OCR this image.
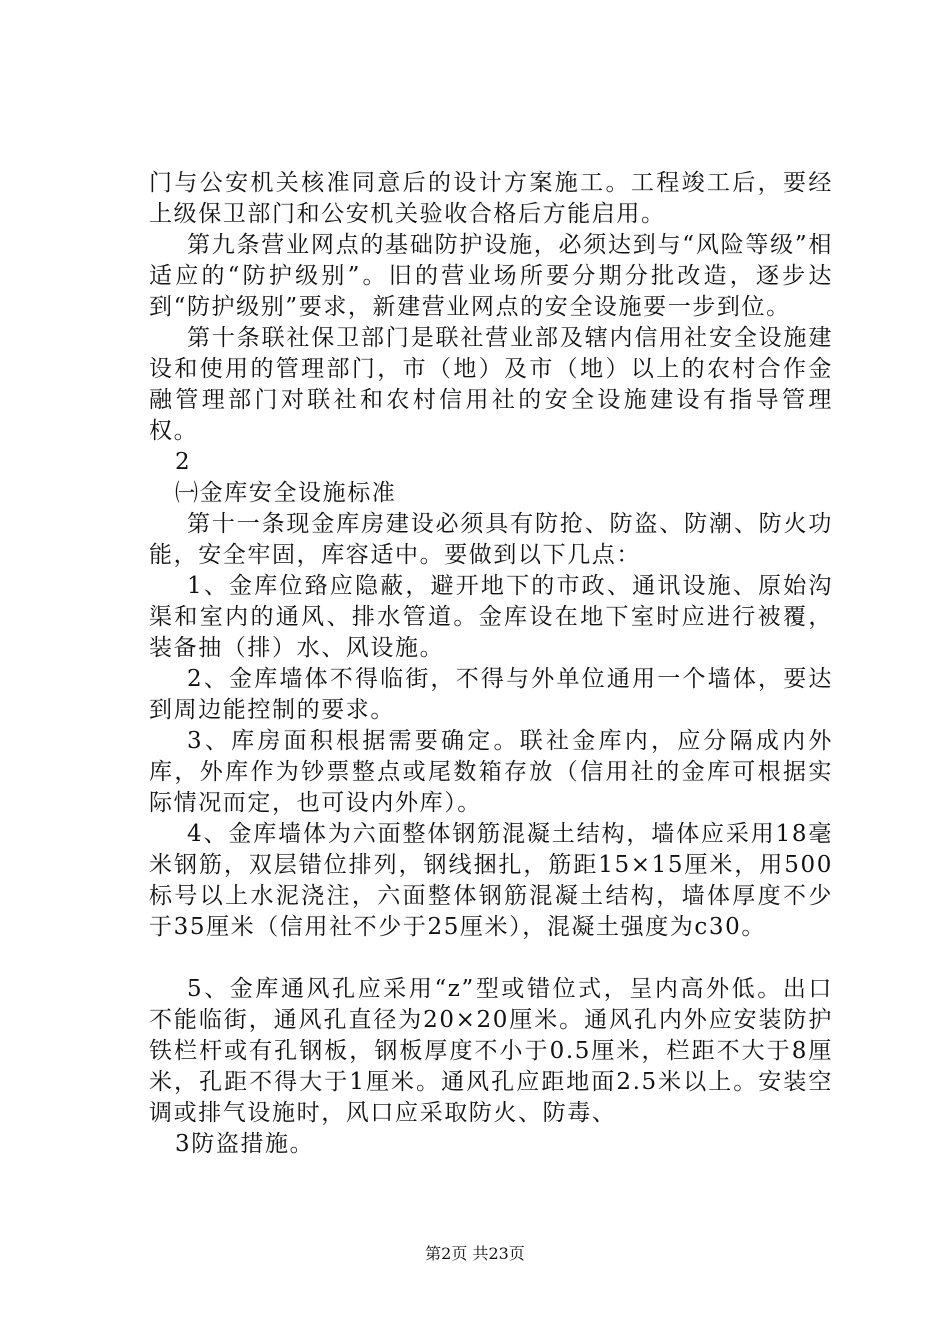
门与公安机关核准同意后的设计方案施工。工程竣工后，要经上级保卫部门和公安机关验收合格后方能启用。

第九条营业网点的基础防护设施，必须达到与“风险等级”相适应的“防护级别”。旧的营业场所要分期分批改造，逐步达到“防护级别”要求，新建营业网点的安全设施要一步到位。

第十条联社保卫部门是联社营业部及辖内信用社安全设施建设和使用的管理部门，市（地）及市（地）以上的农村合作金融管理部门对联社和农村信用社的安全设施建设有指导管理权。

2

㈠金库安全设施标准

第十一条现金库房建设必须具有防抢、防盗、防潮、防火功能，安全牢固，库容适中。要做到以下几点：

1、金库位臵应隐蔽，避开地下的市政、通讯设施、原始沟渠和室内的通风、排水管道。金库设在地下室时应进行被覆，装备抽（排）水、风设施。

2、金库墙体不得临街，不得与外单位通用一个墙体，要达到周边能控制的要求。

3、库房面积根据需要确定。联社金库内，应分隔成内外库，外库作为钞票整点或尾数箱存放（信用社的金库可根据实际情况而定，也可设内外库）。

4、金库墙体为六面整体钢筋混凝土结构，墙体应采用18毫米钢筋，双层错位排列，钢线捆扎，筋距15×15厘米，用500标号以上水泥浇注，六面整体钢筋混凝土结构，墙体厚度不少于35厘米（信用社不少于25厘米），混凝土强度为c30。

5、金库通风孔应采用“z”型或错位式，呈内高外低。出口不能临街，通风孔直径为20×20厘米。通风孔内外应安装防护铁栏杆或有孔钢板，钢板厚度不小于0.5厘米，栏距不大于8厘米，孔距不得大于1厘米。通风孔应距地面2.5米以上。安装空调或排气设施时，风口应采取防火、防毒、

3防盗措施。

第2页 共23页
